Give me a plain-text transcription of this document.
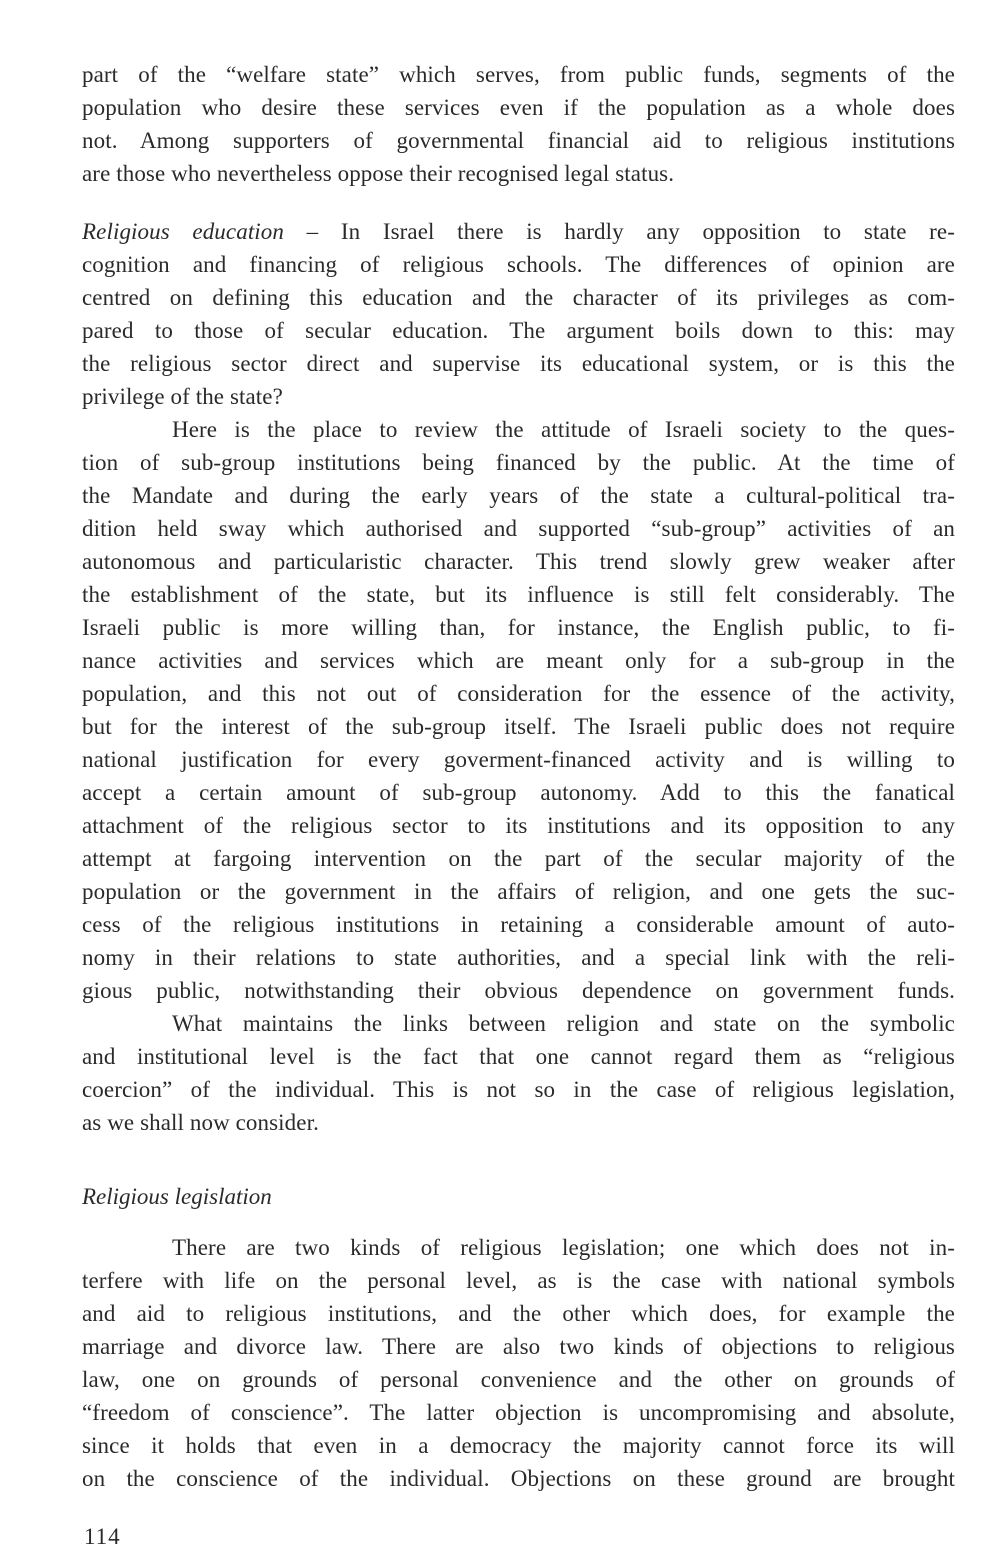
part of the “welfare state” which serves, from public funds, segments of the
population who desire these services even if the population as a whole does
not. Among supporters of governmental financial aid to religious institutions
are those who nevertheless oppose their recognised legal status.
Religious education – In Israel there is hardly any opposition to state re-
cognition and financing of religious schools. The differences of opinion are
centred on defining this education and the character of its privileges as com-
pared to those of secular education. The argument boils down to this: may
the religious sector direct and supervise its educational system, or is this the
privilege of the state?
Here is the place to review the attitude of Israeli society to the ques-
tion of sub-group institutions being financed by the public. At the time of
the Mandate and during the early years of the state a cultural-political tra-
dition held sway which authorised and supported “sub-group” activities of an
autonomous and particularistic character. This trend slowly grew weaker after
the establishment of the state, but its influence is still felt considerably. The
Israeli public is more willing than, for instance, the English public, to fi-
nance activities and services which are meant only for a sub-group in the
population, and this not out of consideration for the essence of the activity,
but for the interest of the sub-group itself. The Israeli public does not require
national justification for every goverment-financed activity and is willing to
accept a certain amount of sub-group autonomy. Add to this the fanatical
attachment of the religious sector to its institutions and its opposition to any
attempt at fargoing intervention on the part of the secular majority of the
population or the government in the affairs of religion, and one gets the suc-
cess of the religious institutions in retaining a considerable amount of auto-
nomy in their relations to state authorities, and a special link with the reli-
gious public, notwithstanding their obvious dependence on government funds.
What maintains the links between religion and state on the symbolic
and institutional level is the fact that one cannot regard them as “religious
coercion” of the individual. This is not so in the case of religious legislation,
as we shall now consider.
Religious legislation
There are two kinds of religious legislation; one which does not in-
terfere with life on the personal level, as is the case with national symbols
and aid to religious institutions, and the other which does, for example the
marriage and divorce law. There are also two kinds of objections to religious
law, one on grounds of personal convenience and the other on grounds of
“freedom of conscience”. The latter objection is uncompromising and absolute,
since it holds that even in a democracy the majority cannot force its will
on the conscience of the individual. Objections on these ground are brought
114
